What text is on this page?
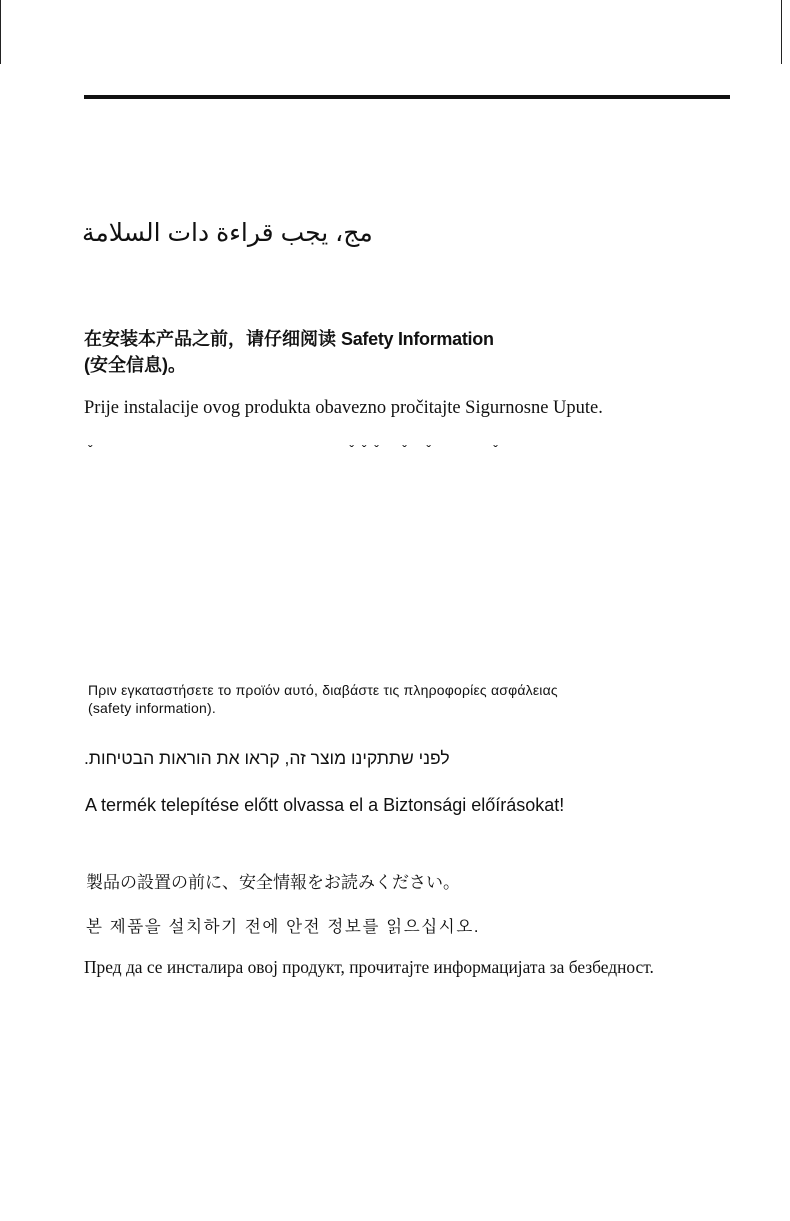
مج، يجب قراءة دات السلامة
在安装本产品之前，请仔细阅读 Safety Information
(安全信息)。
Prije instalacije ovog produkta obavezno pročitajte Sigurnosne Upute.
ˇ                                                                  ˇ  ˇ  ˇ      ˇ     ˇ                ˇ
Πριν εγκαταστήσετε το προϊόν αυτό, διαβάστε τις πληροφορίες ασφάλειας
(safety information).
לפני שתתקינו מוצר זה, קראו את הוראות הבטיחות.
A termék telepítése előtt olvassa el a Biztonsági előírásokat!
製品の設置の前に、安全情報をお読みください。
본 제품을 설치하기 전에 안전 정보를 읽으십시오.
Пред да се инсталира овој продукт, прочитајте информацијата за безбедност.
